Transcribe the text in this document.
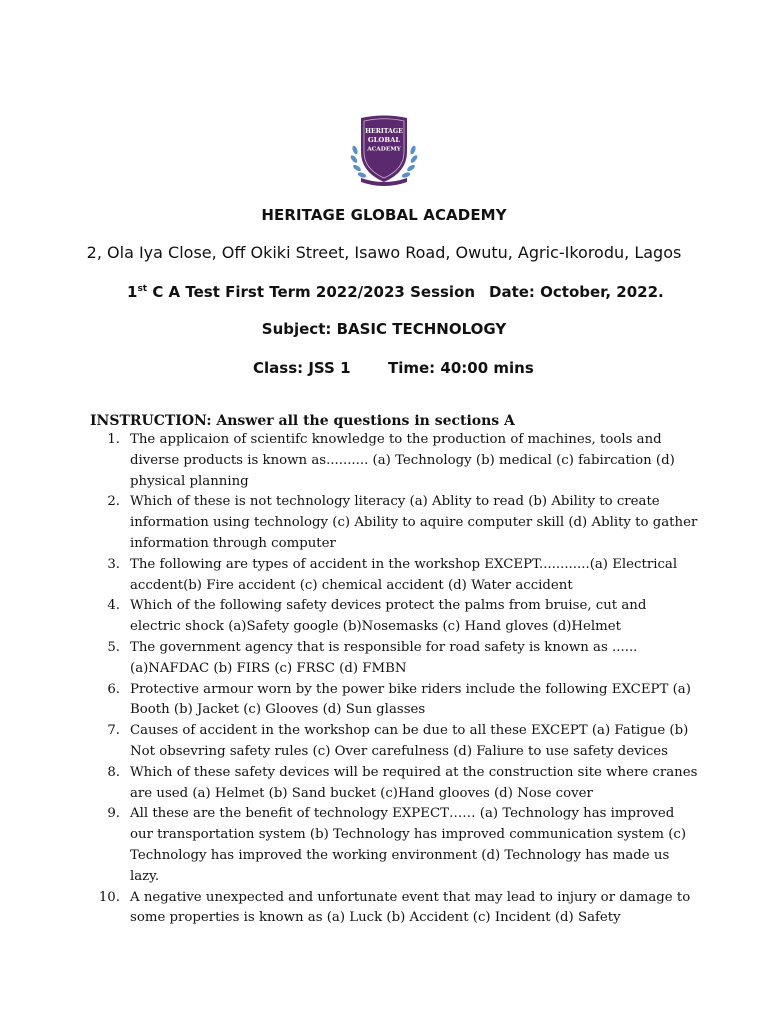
HERITAGE
GLOBAL
ACADEMY
HERITAGE GLOBAL ACADEMY
2, Ola Iya Close, Off Okiki Street, Isawo Road, Owutu, Agric-Ikorodu, Lagos
1st C A Test First Term 2022/2023 Session Date: October, 2022.
Subject: BASIC TECHNOLOGY
Class: JSS 1 Time: 40:00 mins
INSTRUCTION: Answer all the questions in sections A
1. The applicaion of scientifc knowledge to the production of machines, tools and diverse products is known as.......... (a) Technology (b) medical (c) fabircation (d) physical planning
2. Which of these is not technology literacy (a) Ablity to read (b) Ability to create information using technology (c) Ability to aquire computer skill (d) Ablity to gather information through computer
3. The following are types of accident in the workshop EXCEPT............(a) Electrical accdent(b) Fire accident (c) chemical accident (d) Water accident
4. Which of the following safety devices protect the palms from bruise, cut and electric shock (a)Safety google (b)Nosemasks (c) Hand gloves (d)Helmet
5. The government agency that is responsible for road safety is known as ...... (a)NAFDAC (b) FIRS (c) FRSC (d) FMBN
6. Protective armour worn by the power bike riders include the following EXCEPT (a) Booth (b) Jacket (c) Glooves (d) Sun glasses
7. Causes of accident in the workshop can be due to all these EXCEPT (a) Fatigue (b) Not obsevring safety rules (c) Over carefulness (d) Faliure to use safety devices
8. Which of these safety devices will be required at the construction site where cranes are used (a) Helmet (b) Sand bucket (c)Hand glooves (d) Nose cover
9. All these are the benefit of technology EXPECT…… (a) Technology has improved our transportation system (b) Technology has improved communication system (c) Technology has improved the working environment (d) Technology has made us lazy.
10. A negative unexpected and unfortunate event that may lead to injury or damage to some properties is known as (a) Luck (b) Accident (c) Incident (d) Safety
